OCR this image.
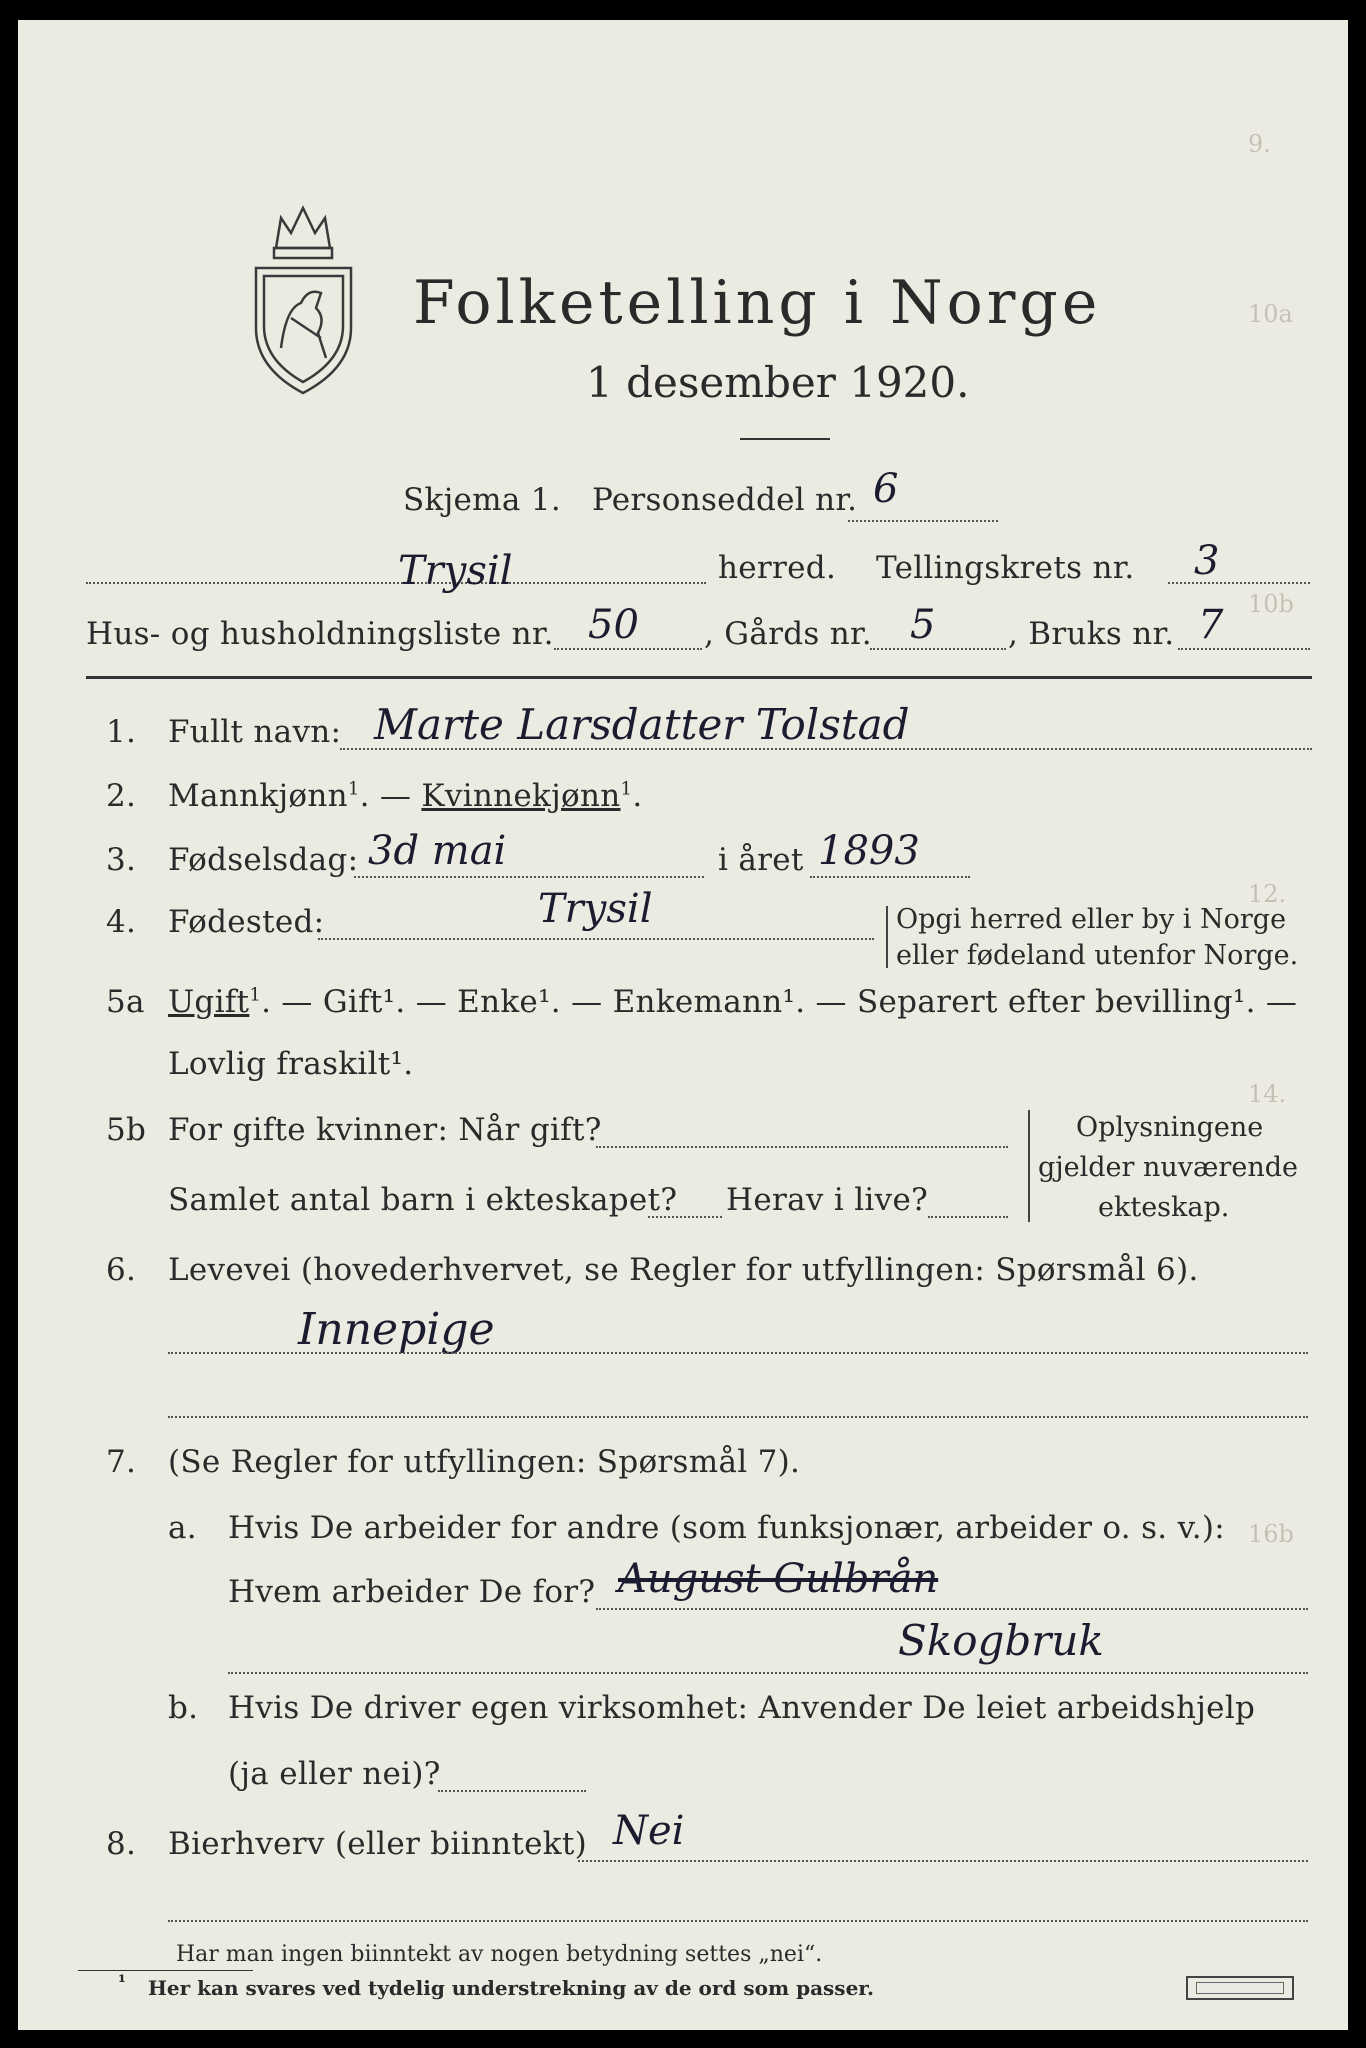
9.
10a
10b
12.
14.
16b
Folketelling i Norge
1 desember 1920.
Skjema 1. Personseddel nr. 6
Trysil	herred. Tellingskrets nr. 3
Hus- og husholdningsliste nr. 50 , Gårds nr. 5 , Bruks nr. 7
1. Fullt navn: Marte Larsdatter Tolstad
2. Mannkjønn$^1$. — Kvinnekjønn$^1$.
3. Fødselsdag: 3d mai	i året 1893
4. Fødested:	Trysil	Opgi herred eller by i Norge
eller fødeland utenfor Norge.
5a Ugift$^1$. — Gift¹. — Enke¹. — Enkemann¹. — Separert efter bevilling¹. —
Lovlig fraskilt¹.
5b For gifte kvinner: Når gift?
Samlet antal barn i ekteskapet? Herav i live?
Oplysningene
gjelder nuværende
ekteskap.
6. Levevei (hovederhvervet, se Regler for utfyllingen: Spørsmål 6).
Innepige
7. (Se Regler for utfyllingen: Spørsmål 7).
a. Hvis De arbeider for andre (som funksjonær, arbeider o. s. v.):
Hvem arbeider De for? August Gulbrån
Skogbruk
b. Hvis De driver egen virksomhet: Anvender De leiet arbeidshjelp
(ja eller nei)?
8. Bierhverv (eller biinntekt) Nei
Har man ingen biinntekt av nogen betydning settes „nei“.
¹ Her kan svares ved tydelig understrekning av de ord som passer.
